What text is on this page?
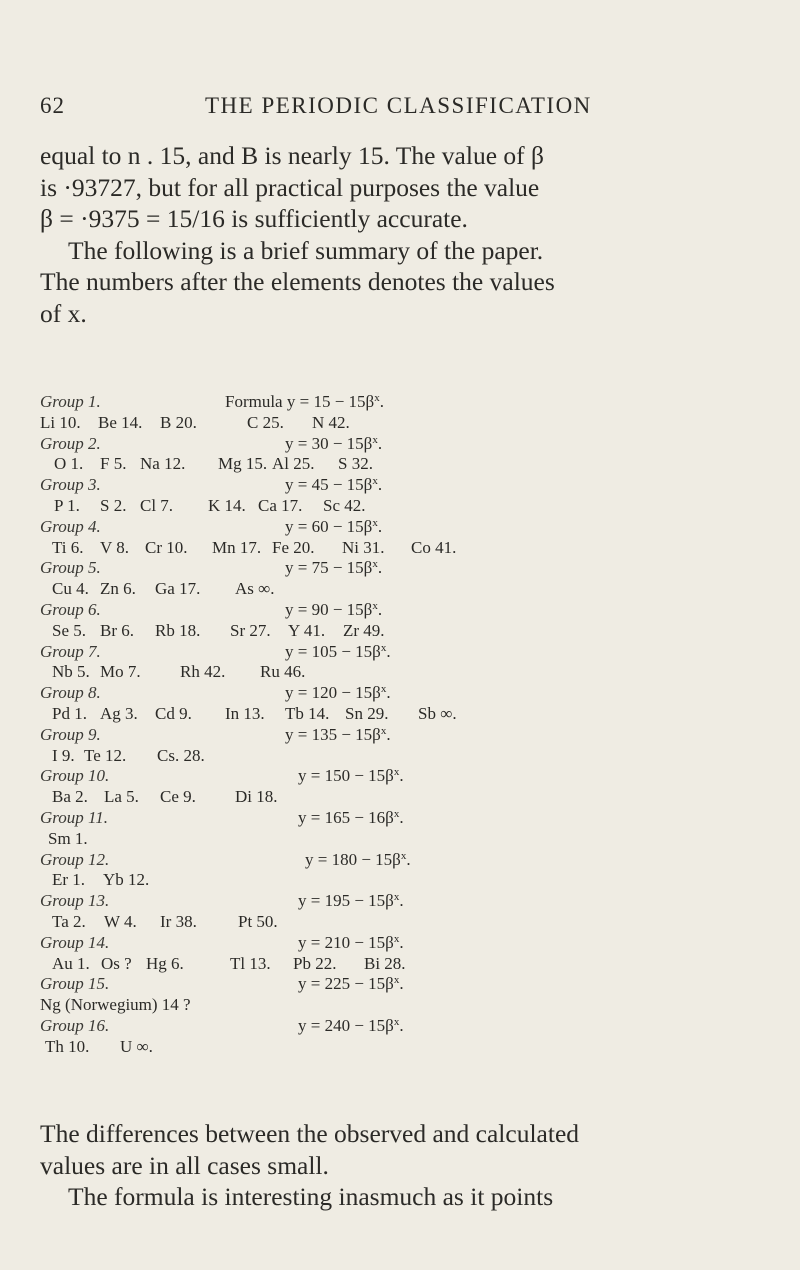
62	THE PERIODIC CLASSIFICATION

equal to n . 15, and B is nearly 15. The value of β

is ·93727, but for all practical purposes the value

β = ·9375 = 15/16 is sufficiently accurate.

The following is a brief summary of the paper.

The numbers after the elements denotes the values

of x.

Group 1.	Formula $y = 15 - 15\beta^x$.
Li 10. Be 14. B 20.	C 25. N 42.
Group 2.	$y = 30 - 15\beta^x$.
O 1. F 5. Na 12. Mg 15. Al 25. S 32.
Group 3.	$y = 45 - 15\beta^x$.
P 1. S 2. Cl 7. K 14. Ca 17. Sc 42.
Group 4.	$y = 60 - 15\beta^x$.
Ti 6. V 8. Cr 10. Mn 17. Fe 20. Ni 31. Co 41.
Group 5.	$y = 75 - 15\beta^x$.
Cu 4. Zn 6. Ga 17. As ∞.
Group 6.	$y = 90 - 15\beta^x$.
Se 5. Br 6. Rb 18. Sr 27. Y 41. Zr 49.
Group 7.	$y = 105 - 15\beta^x$.
Nb 5. Mo 7. Rh 42. Ru 46.
Group 8.	$y = 120 - 15\beta^x$.
Pd 1. Ag 3. Cd 9. In 13. Tb 14. Sn 29. Sb ∞.
Group 9.	$y = 135 - 15\beta^x$.
I 9. Te 12. Cs. 28.
Group 10.	$y = 150 - 15\beta^x$.
Ba 2. La 5. Ce 9. Di 18.
Group 11.	$y = 165 - 16\beta^x$.
Sm 1.
Group 12.	$y = 180 - 15\beta^x$.
Er 1. Yb 12.
Group 13.	$y = 195 - 15\beta^x$.
Ta 2. W 4. Ir 38. Pt 50.
Group 14.	$y = 210 - 15\beta^x$.
Au 1. Os ? Hg 6.	Tl 13. Pb 22. Bi 28.
Group 15.	$y = 225 - 15\beta^x$.
Ng (Norwegium) 14 ?
Group 16.	$y = 240 - 15\beta^x$.
Th 10. U ∞.

The differences between the observed and calculated

values are in all cases small.

The formula is interesting inasmuch as it points
